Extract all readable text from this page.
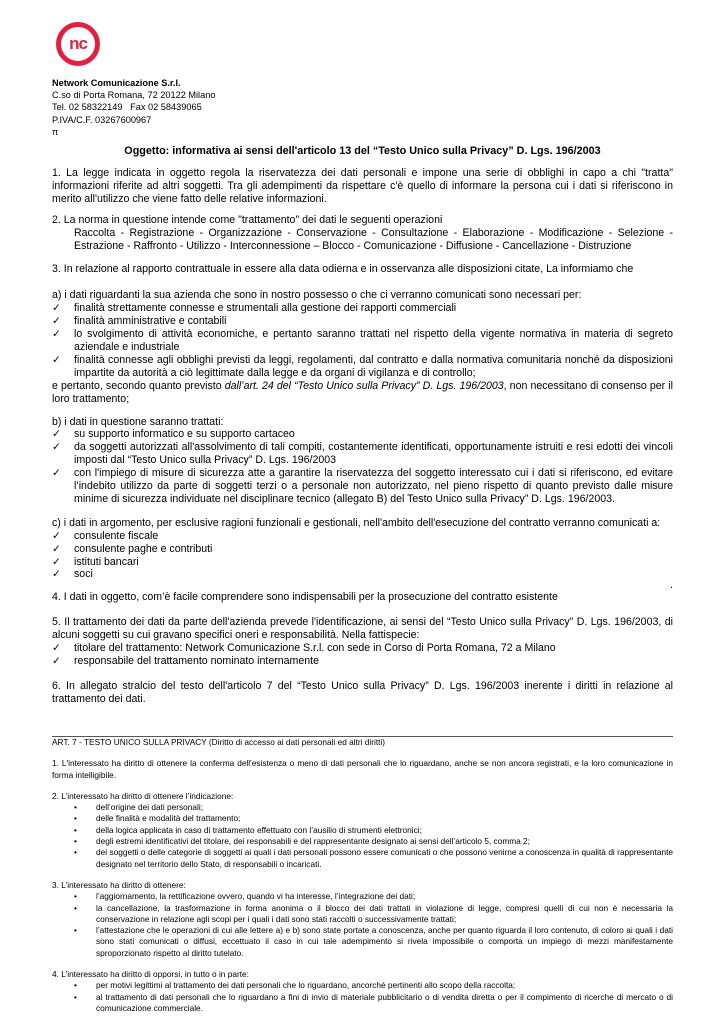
nc
Network Comunicazione S.r.l.
C.so di Porta Romana, 72 20122 Milano
Tel. 02 58322149   Fax 02 58439065
P.IVA/C.F. 03267600967
π
Oggetto: informativa ai sensi dell'articolo 13 del “Testo Unico sulla Privacy” D. Lgs. 196/2003

1. La legge indicata in oggetto regola la riservatezza dei dati personali e impone una serie di obblighi in capo a chi "tratta" informazioni riferite ad altri soggetti. Tra gli adempimenti da rispettare c'è quello di informare la persona cui i dati si riferiscono in merito all'utilizzo che viene fatto delle relative informazioni.

2. La norma in questione intende come "trattamento" dei dati le seguenti operazioni

Raccolta - Registrazione - Organizzazione - Conservazione - Consultazione - Elaborazione - Modificazione - Selezione - Estrazione - Raffronto - Utilizzo - Interconnessione – Blocco - Comunicazione - Diffusione - Cancellazione - Distruzione

3. In relazione al rapporto contrattuale in essere alla data odierna e in osservanza alle disposizioni citate, La informiamo che

a) i dati riguardanti la sua azienda che sono in nostro possesso o che ci verranno comunicati sono necessari per:

✓ finalità strettamente connesse e strumentali alla gestione dei rapporti commerciali
✓ finalità amministrative e contabili
✓ lo svolgimento di attività economiche, e pertanto saranno trattati nel rispetto della vigente normativa in materia di segreto aziendale e industriale
✓ finalità connesse agli obblighi previsti da leggi, regolamenti, dal contratto e dalla normativa comunitaria nonché da disposizioni impartite da autorità a ciò legittimate dalla legge e da organi di vigilanza e di controllo;

e pertanto, secondo quanto previsto dall’art. 24 del “Testo Unico sulla Privacy” D. Lgs. 196/2003, non necessitano di consenso per il loro trattamento;

b) i dati in questione saranno trattati:

✓ su supporto informatico e su supporto cartaceo
✓ da soggetti autorizzati all'assolvimento di tali compiti, costantemente identificati, opportunamente istruiti e resi edotti dei vincoli imposti dal “Testo Unico sulla Privacy” D. Lgs. 196/2003
✓ con l'impiego di misure di sicurezza atte a garantire la riservatezza del soggetto interessato cui i dati si riferiscono, ed evitare l’indebito utilizzo da parte di soggetti terzi o a personale non autorizzato, nel pieno rispetto di quanto previsto dalle misure minime di sicurezza individuate nel disciplinare tecnico (allegato B) del Testo Unico sulla Privacy” D. Lgs. 196/2003.

c) i dati in argomento, per esclusive ragioni funzionali e gestionali, nell'ambito dell'esecuzione del contratto verranno comunicati a:

✓ consulente fiscale
✓ consulente paghe e contributi
✓ istituti bancari
✓ soci

.

4. I dati in oggetto, com’è facile comprendere sono indispensabili per la prosecuzione del contratto esistente

5. Il trattamento dei dati da parte dell'azienda prevede l'identificazione, ai sensi del “Testo Unico sulla Privacy” D. Lgs. 196/2003, di alcuni soggetti su cui gravano specifici oneri e responsabilità. Nella fattispecie:

✓ titolare del trattamento: Network Comunicazione S.r.l. con sede in Corso di Porta Romana, 72 a Milano
✓ responsabile del trattamento nominato internamente

6. In allegato stralcio del testo dell'articolo 7 del “Testo Unico sulla Privacy” D. Lgs. 196/2003 inerente i diritti in relazione al trattamento dei dati.

ART. 7 - TESTO UNICO SULLA PRIVACY (Diritto di accesso ai dati personali ed altri diritti)

1. L'interessato ha diritto di ottenere la conferma dell'esistenza o meno di dati personali che lo riguardano, anche se non ancora registrati, e la loro comunicazione in forma intelligibile.

2. L’interessato ha diritto di ottenere l’indicazione:

• dell’origine dei dati personali;
• delle finalità e modalità del trattamento;
• della logica applicata in caso di trattamento effettuato con l’ausilio di strumenti elettronici;
• degli estremi identificativi del titolare, dei responsabili e del rappresentante designato ai sensi dell’articolo 5, comma 2;
• dei soggetti o delle categorie di soggetti ai quali i dati personali possono essere comunicati o che possono venirne a conoscenza in qualità di rappresentante designato nel territorio dello Stato, di responsabili o incaricati.

3. L’interessato ha diritto di ottenere:

• l’aggiornamento, la rettificazione ovvero, quando vi ha interesse, l’integrazione dei dati;
• la cancellazione, la trasformazione in forma anonima o il blocco dei dati trattati in violazione di legge, compresi quelli di cui non è necessaria la conservazione in relazione agli scopi per i quali i dati sono stati raccolti o successivamente trattati;
• l’attestazione che le operazioni di cui alle lettere a) e b) sono state portate a conoscenza, anche per quanto riguarda il loro contenuto, di coloro ai quali i dati sono stati comunicati o diffusi, eccettuato il caso in cui tale adempimento si rivela impossibile o comporta un impiego di mezzi manifestamente sproporzionato rispetto al diritto tutelato.

4. L’interessato ha diritto di opporsi, in tutto o in parte:

• per motivi legittimi al trattamento dei dati personali che lo riguardano, ancorché pertinenti allo scopo della raccolta;
• al trattamento di dati personali che lo riguardano a fini di invio di materiale pubblicitario o di vendita diretta o per il compimento di ricerche di mercato o di comunicazione commerciale.
